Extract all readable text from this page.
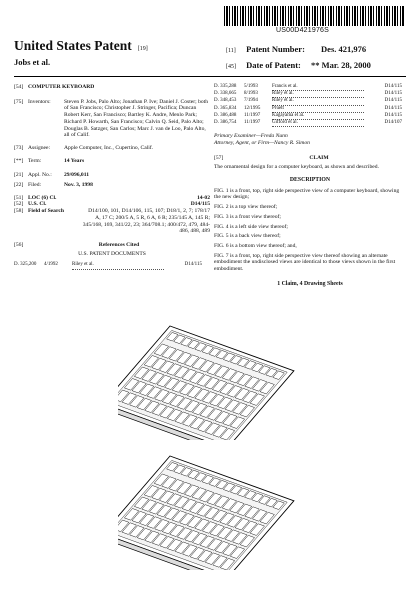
US00D421976S
United States Patent [19]
Jobs et al.
[11] Patent Number: Des. 421,976
[45] Date of Patent: ** Mar. 28, 2000
[54] COMPUTER KEYBOARD
[75] Inventors:	Steven P. Jobs, Palo Alto; Jonathan P. Ive; Daniel J. Coster; both of San Francisco; Christopher J. Stringer, Pacifica; Duncan Robert Kerr, San Francisco; Bartley K. Andre, Menlo Park; Richard P. Howarth, San Francisco; Calvin Q. Seid, Palo Alto; Douglas B. Satzger, San Carlos; Marc J. van de Loo, Palo Alto, all of Calif.
[73] Assignee:	Apple Computer, Inc., Cupertino, Calif.
[**] Term:	14 Years
[21] Appl. No.:	29/096,011
[22] Filed:	Nov. 3, 1998
[51] LOC (6) Cl.	14-02
[52] U.S. Cl.	D14/115
[58] Field of Search	D14/100, 101, D14/106, 115, 107; D18/1, 2, 7; 178/17 A, 17 C; 200/5 A, 5 R, 6 A, 6 R; 235/145 A, 145 R; 345/168, 169, 341/22, 23; 364/708.1; 400/472, 479, 484-486, 488, 489
[56]	References Cited
U.S. PATENT DOCUMENTS
D. 325,200	4/1992	Riley et al.	D14/115
D. 335,288	5/1993	Francis et al.	D14/115
D. 338,665	8/1993	Riley et al.	D14/115
D. 348,453	7/1994	Riley et al.	D14/115
D. 365,834	12/1995	Pruett	D14/115
D. 386,488	11/1997	Kagayama et al.	D14/115
D. 386,754	11/1997	Gifford et al.	D14/107
Primary Examiner—Freda Nunn
Attorney, Agent, or Firm—Nancy R. Simon
[57]	CLAIM
The ornamental design for a computer keyboard, as shown and described.
DESCRIPTION
FIG. 1 is a front, top, right side perspective view of a computer keyboard, showing the new design;
FIG. 2 is a top view thereof;
FIG. 3 is a front view thereof;
FIG. 4 is a left side view thereof;
FIG. 5 is a back view thereof;
FIG. 6 is a bottom view thereof; and,
FIG. 7 is a front, top, right side perspective view thereof showing an alternate embodiment the undisclosed views are identical to those views shown in the first embodiment.
1 Claim, 4 Drawing Sheets
